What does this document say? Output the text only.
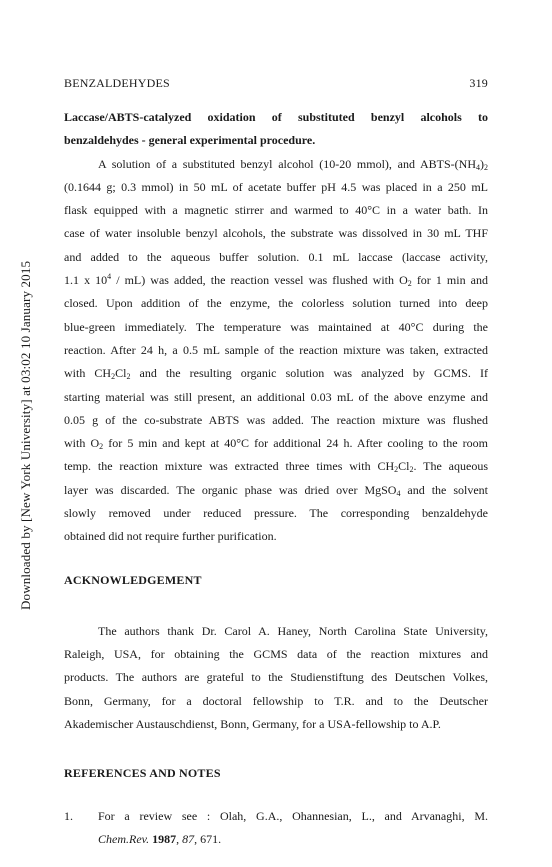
BENZALDEHYDES	319
Downloaded by [New York University] at 03:02 10 January 2015
Laccase/ABTS-catalyzed oxidation of substituted benzyl alcohols to
benzaldehydes - general experimental procedure.
A solution of a substituted benzyl alcohol (10-20 mmol), and ABTS-$(NH_4)_2$
(0.1644 g; 0.3 mmol) in 50 mL of acetate buffer pH 4.5 was placed in a 250 mL
flask equipped with a magnetic stirrer and warmed to 40°C in a water bath. In
case of water insoluble benzyl alcohols, the substrate was dissolved in 30 mL THF
and added to the aqueous buffer solution. 0.1 mL laccase (laccase activity,
1.1 x $10^4 / mL$) was added, the reaction vessel was flushed with $O_2$ for 1 min and
closed. Upon addition of the enzyme, the colorless solution turned into deep
blue-green immediately. The temperature was maintained at 40°C during the
reaction. After 24 h, a 0.5 mL sample of the reaction mixture was taken, extracted
with $CH_2Cl_2$ and the resulting organic solution was analyzed by GCMS. If
starting material was still present, an additional 0.03 mL of the above enzyme and
0.05 g of the co-substrate ABTS was added. The reaction mixture was flushed
with $O_2$ for 5 min and kept at 40°C for additional 24 h. After cooling to the room
temp. the reaction mixture was extracted three times with $CH_2Cl_2$. The aqueous
layer was discarded. The organic phase was dried over MgSO$_4$ and the solvent
slowly removed under reduced pressure. The corresponding benzaldehyde
obtained did not require further purification.

ACKNOWLEDGEMENT

The authors thank Dr. Carol A. Haney, North Carolina State University,
Raleigh, USA, for obtaining the GCMS data of the reaction mixtures and
products. The authors are grateful to the Studienstiftung des Deutschen Volkes,
Bonn, Germany, for a doctoral fellowship to T.R. and to the Deutscher
Akademischer Austauschdienst, Bonn, Germany, for a USA-fellowship to A.P.

REFERENCES AND NOTES

1.	For a review see : Olah, G.A., Ohannesian, L., and Arvanaghi, M.
Chem.Rev. 1987, 87, 671.
